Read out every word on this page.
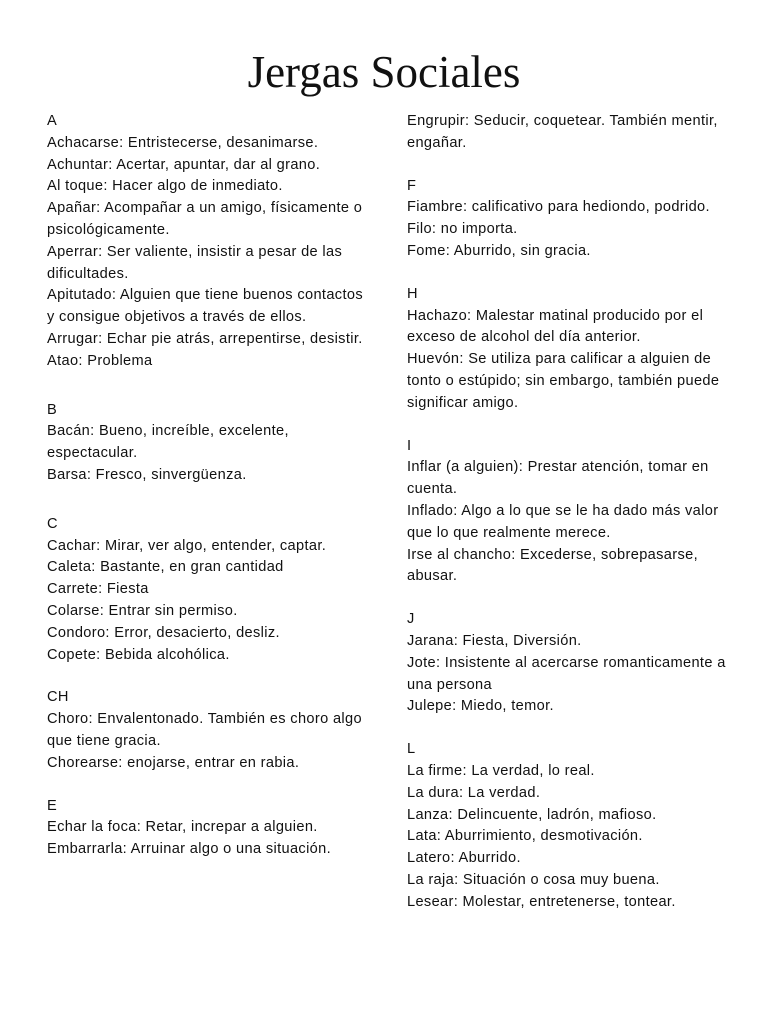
Jergas Sociales

A

Achacarse: Entristecerse, desanimarse.

Achuntar: Acertar, apuntar, dar al grano.

Al toque: Hacer algo de inmediato.

Apañar: Acompañar a un amigo, físicamente o psicológicamente.

Aperrar: Ser valiente, insistir a pesar de las dificultades.

Apitutado: Alguien que tiene buenos contactos y consigue objetivos a través de ellos.

Arrugar: Echar pie atrás, arrepentirse, desistir.

Atao: Problema

B

Bacán: Bueno, increíble, excelente, espectacular.

Barsa: Fresco, sinvergüenza.

C

Cachar: Mirar, ver algo, entender, captar.

Caleta: Bastante, en gran cantidad

Carrete: Fiesta

Colarse: Entrar sin permiso.

Condoro: Error, desacierto, desliz.

Copete: Bebida alcohólica.

CH

Choro: Envalentonado. También es choro algo que tiene gracia.

Chorearse: enojarse, entrar en rabia.

E

Echar la foca: Retar, increpar a alguien.

Embarrarla: Arruinar algo o una situación.

Engrupir: Seducir, coquetear. También mentir, engañar.

F

Fiambre: calificativo para hediondo, podrido.

Filo: no importa.

Fome: Aburrido, sin gracia.

H

Hachazo: Malestar matinal producido por el exceso de alcohol del día anterior.

Huevón: Se utiliza para calificar a alguien de tonto o estúpido; sin embargo, también puede significar amigo.

I

Inflar (a alguien): Prestar atención, tomar en cuenta.

Inflado: Algo a lo que se le ha dado más valor que lo que realmente merece.

Irse al chancho: Excederse, sobrepasarse, abusar.

J

Jarana: Fiesta, Diversión.

Jote: Insistente al acercarse romanticamente a una persona

Julepe: Miedo, temor.

L

La firme: La verdad, lo real.

La dura: La verdad.

Lanza: Delincuente, ladrón, mafioso.

Lata: Aburrimiento, desmotivación.

Latero: Aburrido.

La raja: Situación o cosa muy buena.

Lesear: Molestar, entretenerse, tontear.
